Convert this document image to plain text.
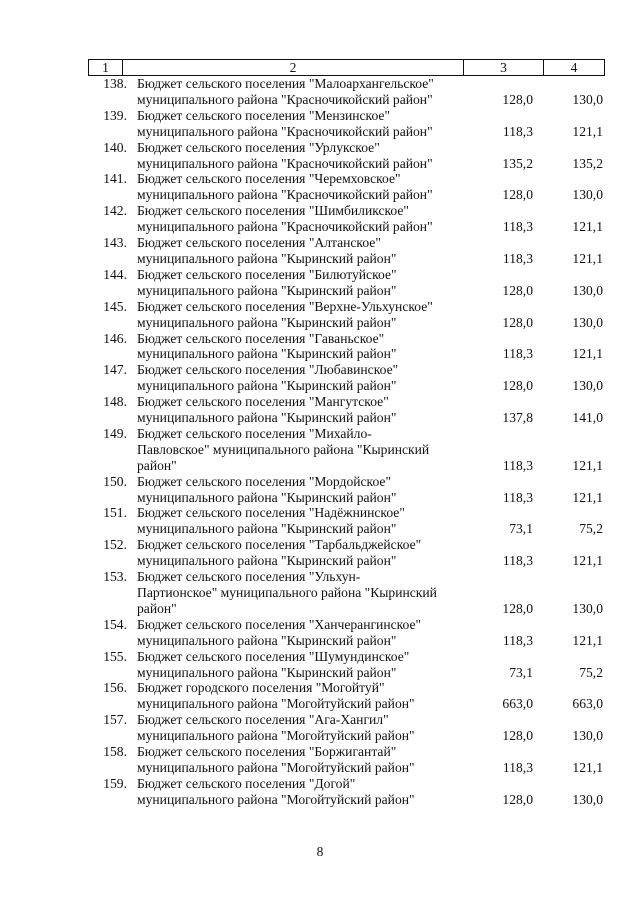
1	2	3	4
138. Бюджет сельского поселения "Малоархангельское"
муниципального района "Красночикойский район"	128,0	130,0
139. Бюджет сельского поселения "Мензинское"
муниципального района "Красночикойский район"	118,3	121,1
140. Бюджет сельского поселения "Урлукское"
муниципального района "Красночикойский район"	135,2	135,2
141. Бюджет сельского поселения "Черемховское"
муниципального района "Красночикойский район"	128,0	130,0
142. Бюджет сельского поселения "Шимбиликское"
муниципального района "Красночикойский район"	118,3	121,1
143. Бюджет сельского поселения "Алтанское"
муниципального района "Кыринский район"	118,3	121,1
144. Бюджет сельского поселения "Билютуйское"
муниципального района "Кыринский район"	128,0	130,0
145. Бюджет сельского поселения "Верхне-Ульхунское"
муниципального района "Кыринский район"	128,0	130,0
146. Бюджет сельского поселения "Гаваньское"
муниципального района "Кыринский район"	118,3	121,1
147. Бюджет сельского поселения "Любавинское"
муниципального района "Кыринский район"	128,0	130,0
148. Бюджет сельского поселения "Мангутское"
муниципального района "Кыринский район"	137,8	141,0
149. Бюджет сельского поселения "Михайло-
Павловское" муниципального района "Кыринский
район"	118,3	121,1
150. Бюджет сельского поселения "Мордойское"
муниципального района "Кыринский район"	118,3	121,1
151. Бюджет сельского поселения "Надёжнинское"
муниципального района "Кыринский район"	73,1	75,2
152. Бюджет сельского поселения "Тарбальджейское"
муниципального района "Кыринский район"	118,3	121,1
153. Бюджет сельского поселения "Ульхун-
Партионское" муниципального района "Кыринский
район"	128,0	130,0
154. Бюджет сельского поселения "Ханчерангинское"
муниципального района "Кыринский район"	118,3	121,1
155. Бюджет сельского поселения "Шумундинское"
муниципального района "Кыринский район"	73,1	75,2
156. Бюджет городского поселения "Могойтуй"
муниципального района "Могойтуйский район"	663,0	663,0
157. Бюджет сельского поселения "Ага-Хангил"
муниципального района "Могойтуйский район"	128,0	130,0
158. Бюджет сельского поселения "Боржигантай"
муниципального района "Могойтуйский район"	118,3	121,1
159. Бюджет сельского поселения "Догой"
муниципального района "Могойтуйский район"	128,0	130,0
8
